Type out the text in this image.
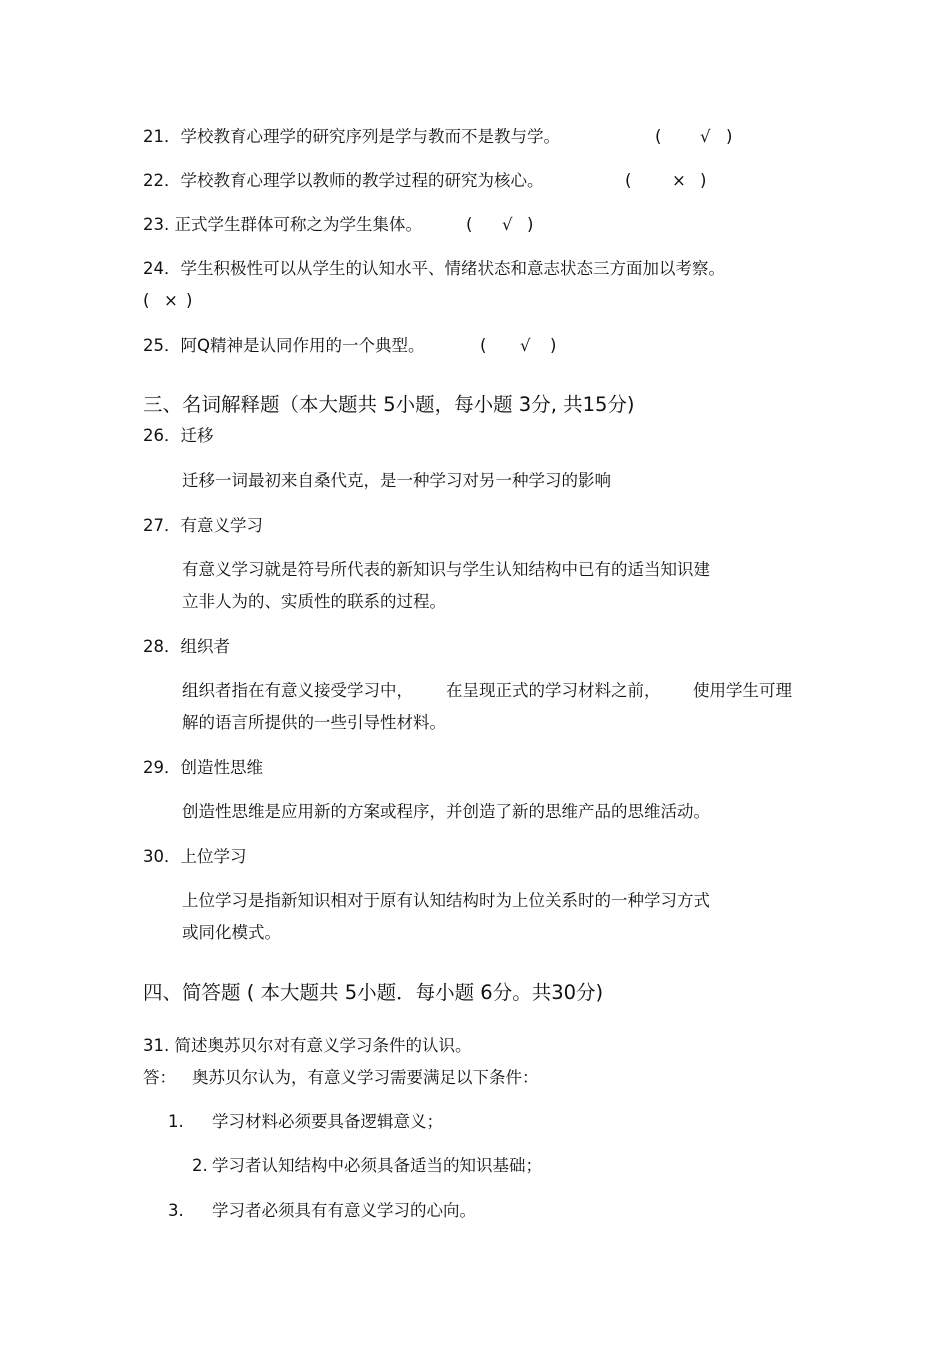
21．学校教育心理学的研究序列是学与教而不是教与学。	( √ )
22．学校教育心理学以教师的教学过程的研究为核心。	( × )
23. 正式学生群体可称之为学生集体。	( √ )
24．学生积极性可以从学生的认知水平、情绪状态和意志状态三方面加以考察。
( × )
25．阿Q精神是认同作用的一个典型。	( √ )
三、名词解释题（本大题共 5小题，每小题 3分, 共15分)
26．迁移
迁移一词最初来自桑代克，是一种学习对另一种学习的影响
27．有意义学习
有意义学习就是符号所代表的新知识与学生认知结构中已有的适当知识建
立非人为的、实质性的联系的过程。
28．组织者
组织者指在有意义接受学习中， 在呈现正式的学习材料之前， 使用学生可理
解的语言所提供的一些引导性材料。
29．创造性思维
创造性思维是应用新的方案或程序，并创造了新的思维产品的思维活动。
30．上位学习
上位学习是指新知识相对于原有认知结构时为上位关系时的一种学习方式
或同化模式。
四、简答题 ( 本大题共 5小题．每小题 6分。共30分)
31. 简述奥苏贝尔对有意义学习条件的认识。
答： 奥苏贝尔认为，有意义学习需要满足以下条件：
1. 学习材料必须要具备逻辑意义；
2. 学习者认知结构中必须具备适当的知识基础；
3. 学习者必须具有有意义学习的心向。
